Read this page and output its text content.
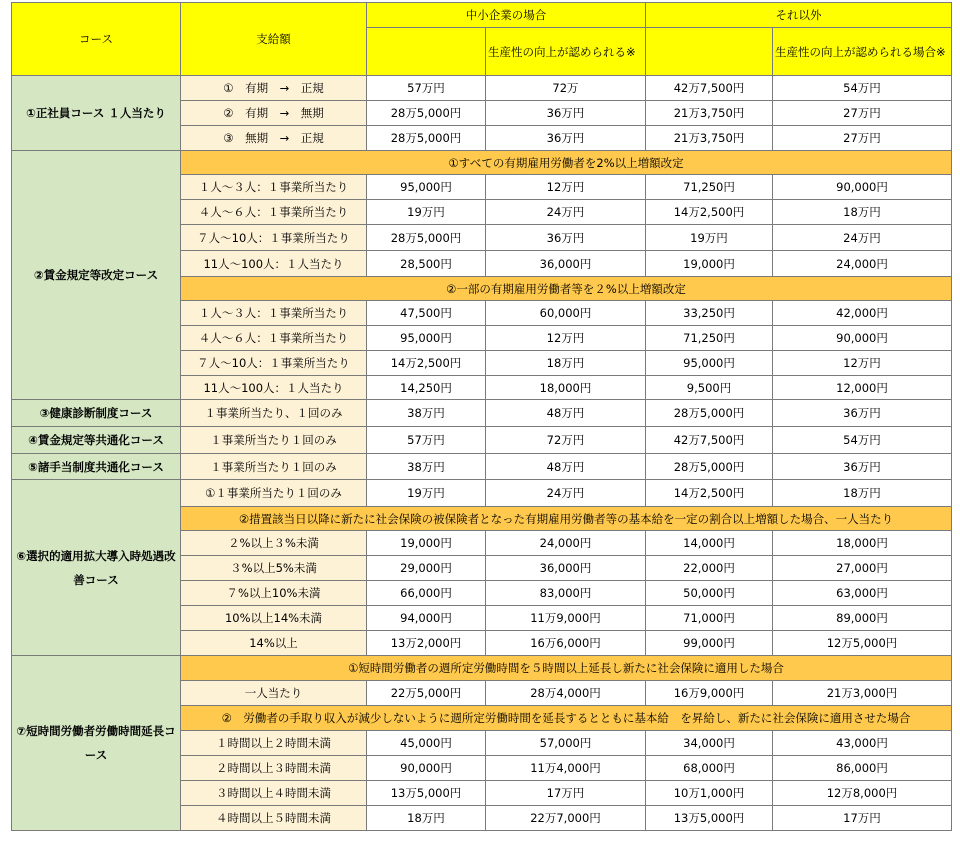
コース	支給額	中小企業の場合		それ以外	
			生産性の向上が認められる※		生産性の向上が認められる場合※
①正社員コース １人当たり	①　有期　→　正規	57万円	72万	42万7,500円	54万円
	②　有期　→　無期	28万5,000円	36万円	21万3,750円	27万円
	③　無期　→　正規	28万5,000円	36万円	21万3,750円	27万円
②賃金規定等改定コース	①すべての有期雇用労働者を2%以上増額改定				
	１人～３人：１事業所当たり	95,000円	12万円	71,250円	90,000円
	４人～６人：１事業所当たり	19万円	24万円	14万2,500円	18万円
	７人～10人：１事業所当たり	28万5,000円	36万円	19万円	24万円
	11人～100人：１人当たり	28,500円	36,000円	19,000円	24,000円
	②一部の有期雇用労働者等を２%以上増額改定				
	１人～３人：１事業所当たり	47,500円	60,000円	33,250円	42,000円
	４人～６人：１事業所当たり	95,000円	12万円	71,250円	90,000円
	７人～10人：１事業所当たり	14万2,500円	18万円	95,000円	12万円
	11人～100人：１人当たり	14,250円	18,000円	9,500円	12,000円
③健康診断制度コース	１事業所当たり、１回のみ	38万円	48万円	28万5,000円	36万円
④賃金規定等共通化コース	１事業所当たり１回のみ	57万円	72万円	42万7,500円	54万円
⑤諸手当制度共通化コース	１事業所当たり１回のみ	38万円	48万円	28万5,000円	36万円
⑥選択的適用拡大導入時処遇改善コース	①１事業所当たり１回のみ	19万円	24万円	14万2,500円	18万円
	②措置該当日以降に新たに社会保険の被保険者となった有期雇用労働者等の基本給を一定の割合以上増額した場合、一人当たり				
	２%以上３%未満	19,000円	24,000円	14,000円	18,000円
	３%以上5%未満	29,000円	36,000円	22,000円	27,000円
	７%以上10%未満	66,000円	83,000円	50,000円	63,000円
	10%以上14%未満	94,000円	11万9,000円	71,000円	89,000円
	14%以上	13万2,000円	16万6,000円	99,000円	12万5,000円
⑦短時間労働者労働時間延長コース	①短時間労働者の週所定労働時間を５時間以上延長し新たに社会保険に適用した場合				
	一人当たり	22万5,000円	28万4,000円	16万9,000円	21万3,000円
	②　労働者の手取り収入が減少しないように週所定労働時間を延長するとともに基本給　を昇給し、新たに社会保険に適用させた場合				
	１時間以上２時間未満	45,000円	57,000円	34,000円	43,000円
	２時間以上３時間未満	90,000円	11万4,000円	68,000円	86,000円
	３時間以上４時間未満	13万5,000円	17万円	10万1,000円	12万8,000円
	４時間以上５時間未満	18万円	22万7,000円	13万5,000円	17万円
